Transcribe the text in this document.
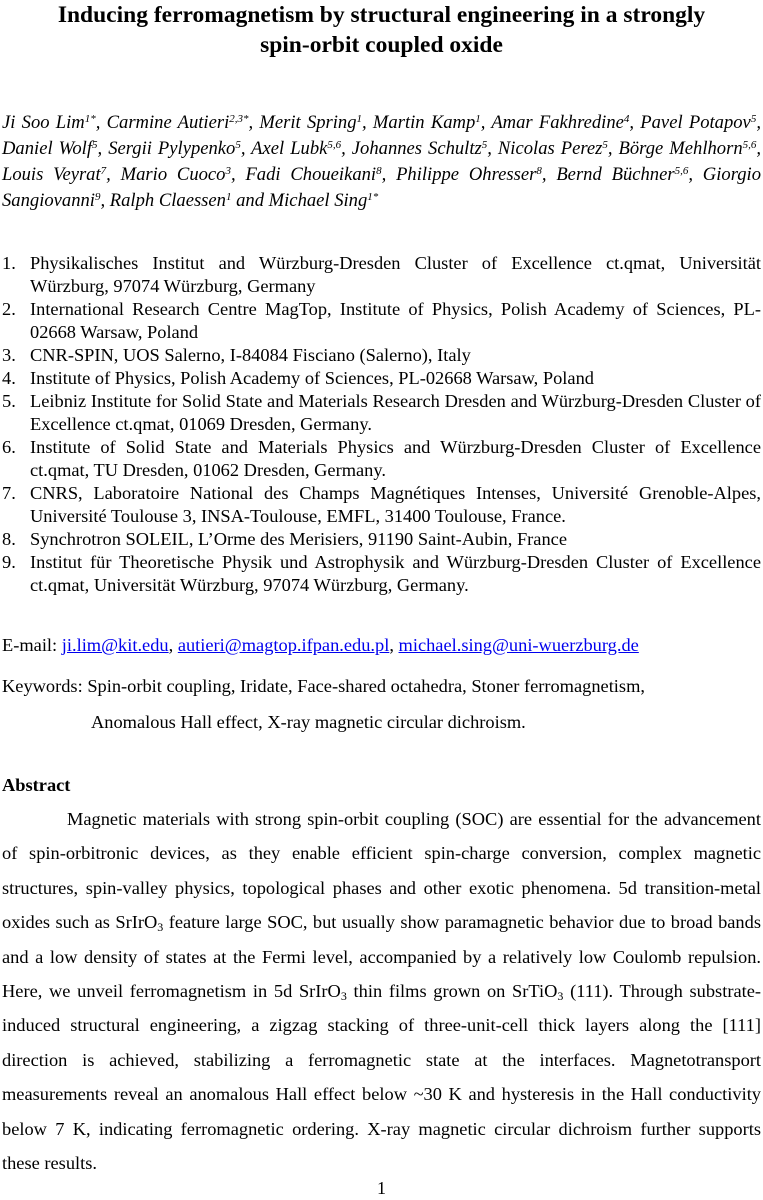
Inducing ferromagnetism by structural engineering in a strongly
spin-orbit coupled oxide
Ji Soo Lim$^{1*}$, Carmine Autieri$^{2,3*}$, Merit Spring$^1$, Martin Kamp$^1$, Amar Fakhredine$^4$, Pavel Potapov$^5$, Daniel Wolf$^5$, Sergii Pylypenko$^5$, Axel Lubk$^{5,6}$, Johannes Schultz$^5$, Nicolas Perez$^5$, Börge Mehlhorn$^{5,6}$, Louis Veyrat$^7$, Mario Cuoco$^3$, Fadi Choueikani$^8$, Philippe Ohresser$^8$, Bernd Büchner$^{5,6}$, Giorgio Sangiovanni$^9$, Ralph Claessen$^1$ and Michael Sing$^{1*}$
1. Physikalisches Institut and Würzburg-Dresden Cluster of Excellence ct.qmat, Universität Würzburg, 97074 Würzburg, Germany
2. International Research Centre MagTop, Institute of Physics, Polish Academy of Sciences, PL-02668 Warsaw, Poland
3. CNR-SPIN, UOS Salerno, I-84084 Fisciano (Salerno), Italy
4. Institute of Physics, Polish Academy of Sciences, PL-02668 Warsaw, Poland
5. Leibniz Institute for Solid State and Materials Research Dresden and Würzburg-Dresden Cluster of Excellence ct.qmat, 01069 Dresden, Germany.
6. Institute of Solid State and Materials Physics and Würzburg-Dresden Cluster of Excellence ct.qmat, TU Dresden, 01062 Dresden, Germany.
7. CNRS, Laboratoire National des Champs Magnétiques Intenses, Université Grenoble-Alpes, Université Toulouse 3, INSA-Toulouse, EMFL, 31400 Toulouse, France.
8. Synchrotron SOLEIL, L’Orme des Merisiers, 91190 Saint-Aubin, France
9. Institut für Theoretische Physik und Astrophysik and Würzburg-Dresden Cluster of Excellence ct.qmat, Universität Würzburg, 97074 Würzburg, Germany.
E-mail: ji.lim@kit.edu, autieri@magtop.ifpan.edu.pl, michael.sing@uni-wuerzburg.de
Keywords: Spin-orbit coupling, Iridate, Face-shared octahedra, Stoner ferromagnetism,
Anomalous Hall effect, X-ray magnetic circular dichroism.
Abstract
Magnetic materials with strong spin-orbit coupling (SOC) are essential for the advancement of spin-orbitronic devices, as they enable efficient spin-charge conversion, complex magnetic structures, spin-valley physics, topological phases and other exotic phenomena. 5d transition-metal oxides such as SrIrO$_3$ feature large SOC, but usually show paramagnetic behavior due to broad bands and a low density of states at the Fermi level, accompanied by a relatively low Coulomb repulsion. Here, we unveil ferromagnetism in 5d SrIrO$_3$ thin films grown on SrTiO$_3$ (111). Through substrate-induced structural engineering, a zigzag stacking of three-unit-cell thick layers along the [111] direction is achieved, stabilizing a ferromagnetic state at the interfaces. Magnetotransport measurements reveal an anomalous Hall effect below ~30 K and hysteresis in the Hall conductivity below 7 K, indicating ferromagnetic ordering. X-ray magnetic circular dichroism further supports these results.
1
